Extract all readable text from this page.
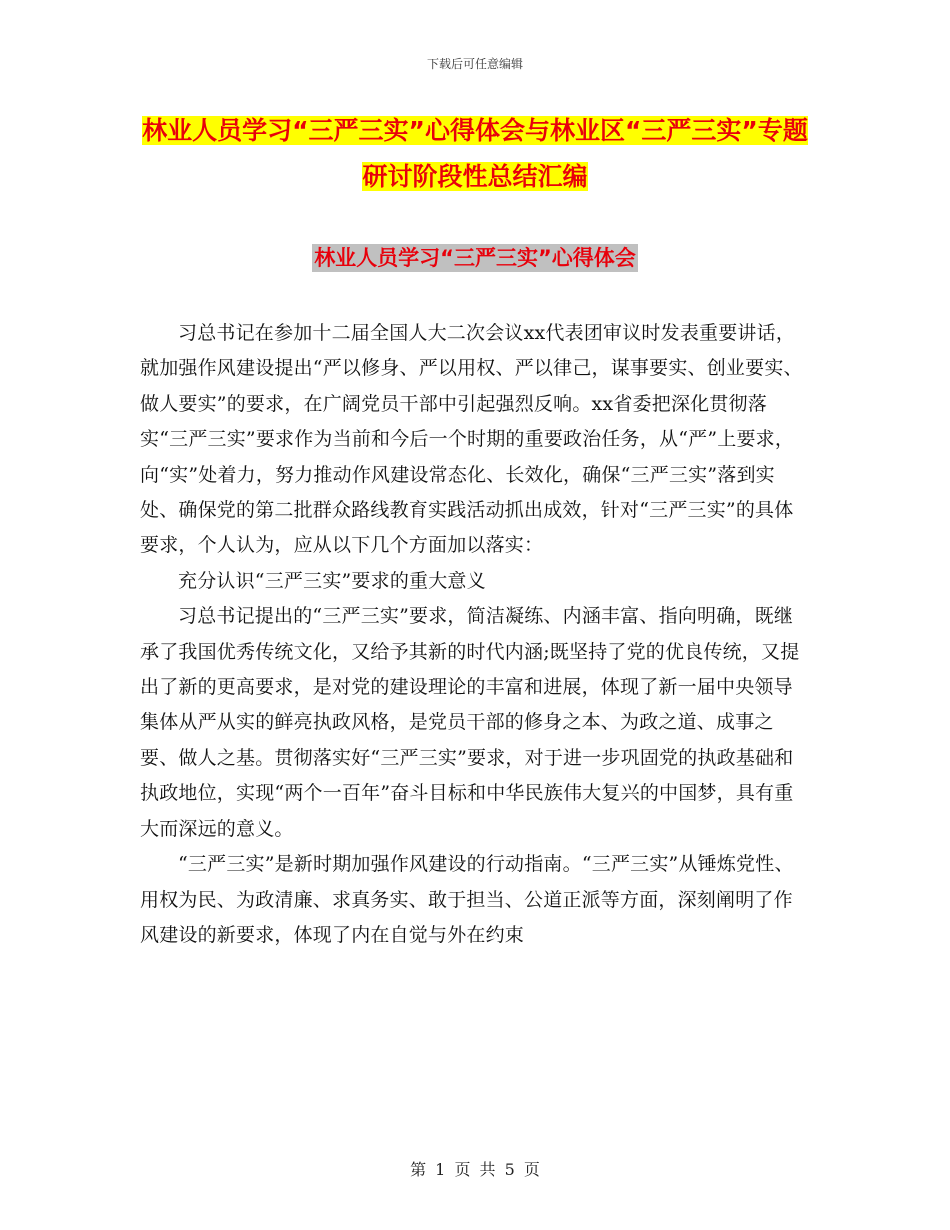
下载后可任意编辑
林业人员学习“三严三实”心得体会与林业区“三严三实”专题研讨阶段性总结汇编
林业人员学习“三严三实”心得体会

习总书记在参加十二届全国人大二次会议xx代表团审议时发表重要讲话，就加强作风建设提出“严以修身、严以用权、严以律己，谋事要实、创业要实、做人要实”的要求，在广阔党员干部中引起强烈反响。xx省委把深化贯彻落实“三严三实”要求作为当前和今后一个时期的重要政治任务，从“严”上要求，向“实”处着力，努力推动作风建设常态化、长效化，确保“三严三实”落到实处、确保党的第二批群众路线教育实践活动抓出成效，针对“三严三实”的具体要求，个人认为，应从以下几个方面加以落实：

充分认识“三严三实”要求的重大意义

习总书记提出的“三严三实”要求，简洁凝练、内涵丰富、指向明确，既继承了我国优秀传统文化，又给予其新的时代内涵;既坚持了党的优良传统，又提出了新的更高要求，是对党的建设理论的丰富和进展，体现了新一届中央领导集体从严从实的鲜亮执政风格，是党员干部的修身之本、为政之道、成事之要、做人之基。贯彻落实好“三严三实”要求，对于进一步巩固党的执政基础和执政地位，实现“两个一百年”奋斗目标和中华民族伟大复兴的中国梦，具有重大而深远的意义。

“三严三实”是新时期加强作风建设的行动指南。“三严三实”从锤炼党性、用权为民、为政清廉、求真务实、敢于担当、公道正派等方面，深刻阐明了作风建设的新要求，体现了内在自觉与外在约束

第 1 页 共 5 页
